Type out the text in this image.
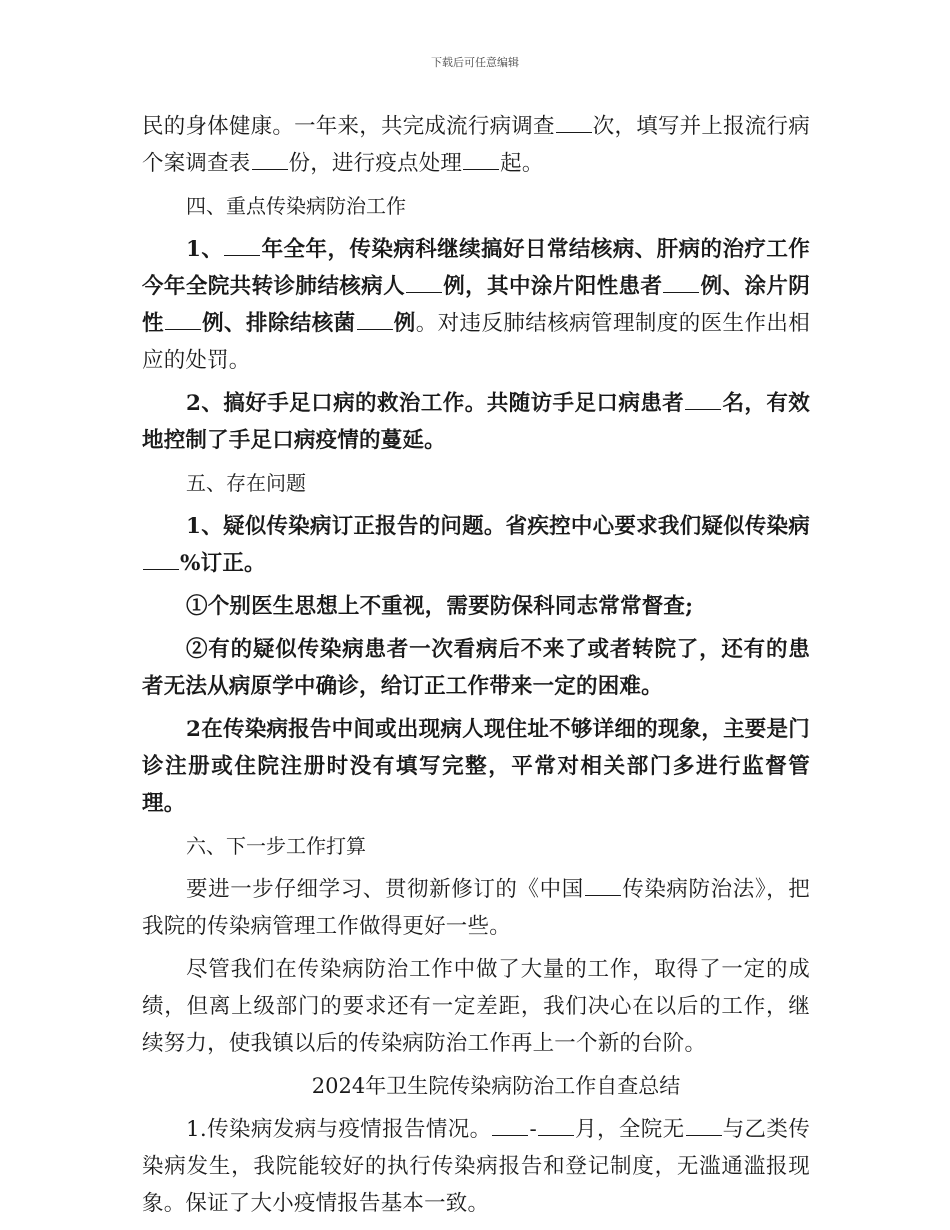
下载后可任意编辑

民的身体健康。一年来，共完成流行病调查 次，填写并上报流行病个案调查表 份，进行疫点处理 起。

四、重点传染病防治工作

1、 年全年，传染病科继续搞好日常结核病、肝病的治疗工作今年全院共转诊肺结核病人 例，其中涂片阳性患者 例、涂片阴性 例、排除结核菌 例。对违反肺结核病管理制度的医生作出相应的处罚。

2、搞好手足口病的救治工作。共随访手足口病患者 名，有效地控制了手足口病疫情的蔓延。

五、存在问题

1、疑似传染病订正报告的问题。省疾控中心要求我们疑似传染病%订正。

①个别医生思想上不重视，需要防保科同志常常督查;

②有的疑似传染病患者一次看病后不来了或者转院了，还有的患者无法从病原学中确诊，给订正工作带来一定的困难。

2在传染病报告中间或出现病人现住址不够详细的现象，主要是门诊注册或住院注册时没有填写完整，平常对相关部门多进行监督管理。

六、下一步工作打算

要进一步仔细学习、贯彻新修订的《中国 传染病防治法》，把我院的传染病管理工作做得更好一些。

尽管我们在传染病防治工作中做了大量的工作，取得了一定的成绩，但离上级部门的要求还有一定差距，我们决心在以后的工作，继续努力，使我镇以后的传染病防治工作再上一个新的台阶。

2024年卫生院传染病防治工作自查总结

1.传染病发病与疫情报告情况。 - 月，全院无 与乙类传染病发生，我院能较好的执行传染病报告和登记制度，无滥通滥报现象。保证了大小疫情报告基本一致。
